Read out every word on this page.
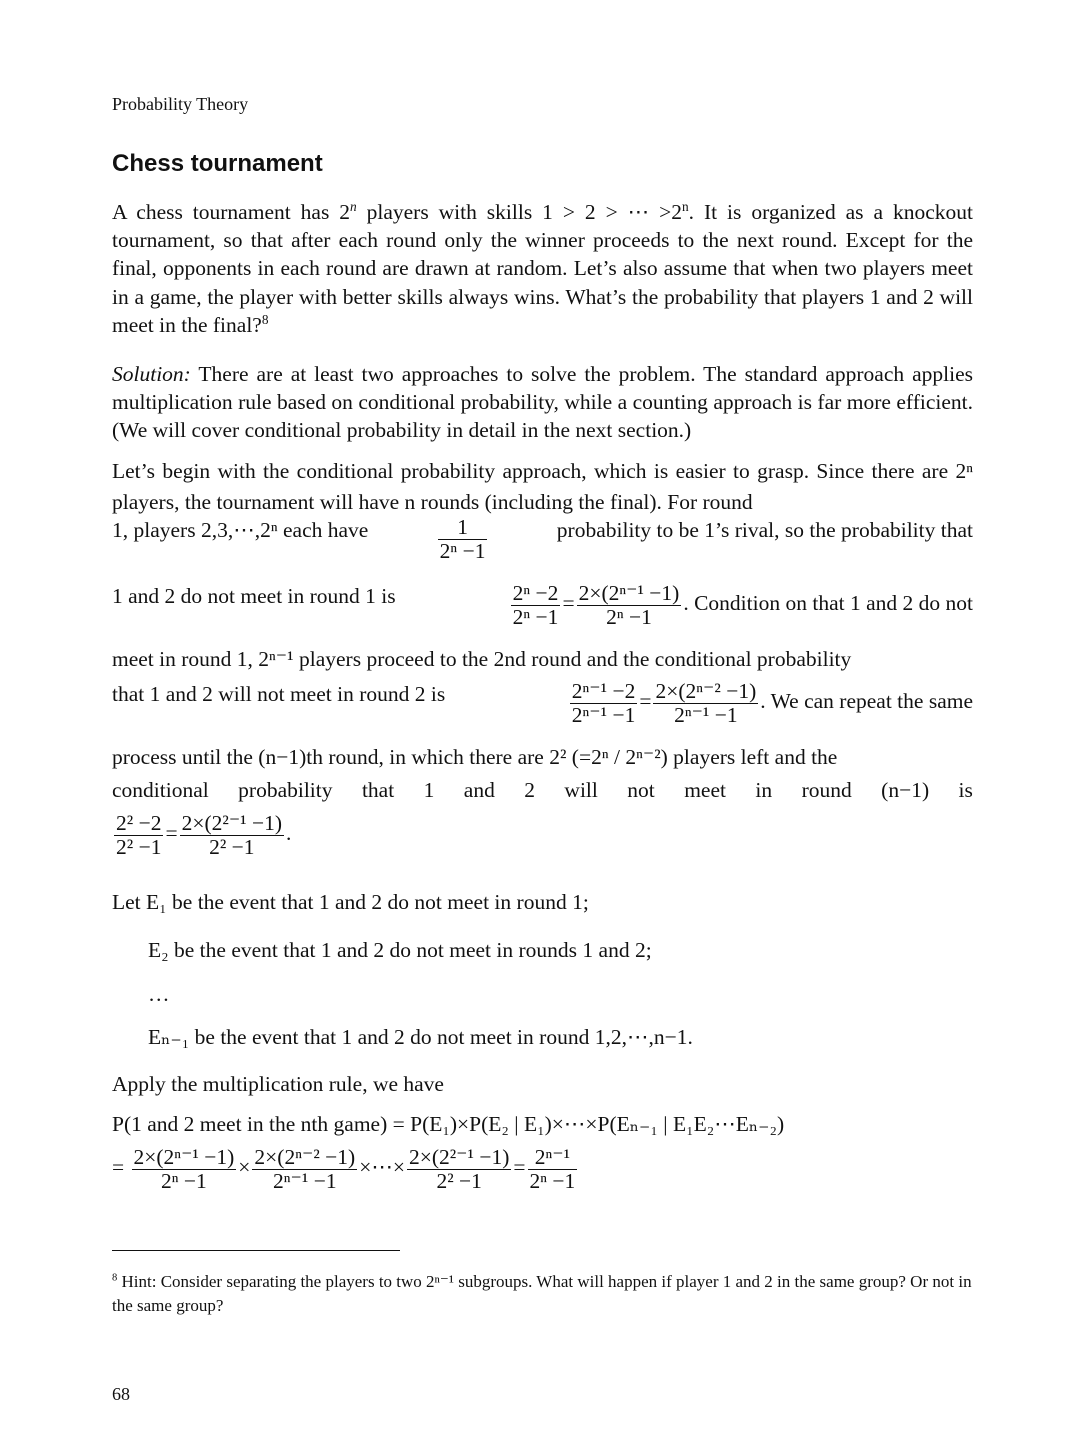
Probability Theory
Chess tournament
A chess tournament has 2$^n$ players with skills 1 > 2 > ⋯ $>2^n$. It is organized as a knockout tournament, so that after each round only the winner proceeds to the next round. Except for the final, opponents in each round are drawn at random. Let’s also assume that when two players meet in a game, the player with better skills always wins. What’s the probability that players 1 and 2 will meet in the final?$^8$
Solution: There are at least two approaches to solve the problem. The standard approach applies multiplication rule based on conditional probability, while a counting approach is far more efficient. (We will cover conditional probability in detail in the next section.)
Let’s begin with the conditional probability approach, which is easier to grasp. Since there are 2ⁿ players, the tournament will have n rounds (including the final). For round
1, players 2,3,⋯,2ⁿ each have	$\frac{1}{\text{2ⁿ −1}}$	probability to be 1’s rival, so the probability that
1 and 2 do not meet in round 1 is	$\frac{\text{2ⁿ −2}}{\text{2ⁿ −1}} = \frac{\text{2×(2ⁿ⁻¹ −1)}}{\text{2ⁿ −1}}$ . Condition on that 1 and 2 do not
meet in round 1, 2ⁿ⁻¹ players proceed to the 2nd round and the conditional probability
that 1 and 2 will not meet in round 2 is	$\frac{\text{2ⁿ⁻¹ −2}}{\text{2ⁿ⁻¹ −1}} = \frac{\text{2×(2ⁿ⁻² −1)}}{\text{2ⁿ⁻¹ −1}}$ . We can repeat the same
process until the (n−1)th round, in which there are 2² (=2ⁿ / 2ⁿ⁻²) players left and the
conditional probability that 1 and 2 will not meet in round (n−1) is
$\frac{\text{2² −2}}{\text{2² −1}} = \frac{\text{2×(2²⁻¹ −1)}}{\text{2² −1}}$ .
Let E₁ be the event that 1 and 2 do not meet in round 1;
E₂ be the event that 1 and 2 do not meet in rounds 1 and 2;
…
Eₙ₋₁ be the event that 1 and 2 do not meet in round 1,2,⋯,n−1.
Apply the multiplication rule, we have
P(1 and 2 meet in the nth game) = P(E₁)×P(E₂ | E₁)×⋯×P(Eₙ₋₁ | E₁E₂⋯Eₙ₋₂)
= $\frac{\text{2×(2ⁿ⁻¹ −1)}}{\text{2ⁿ −1}} \times \frac{\text{2×(2ⁿ⁻² −1)}}{\text{2ⁿ⁻¹ −1}}$ ×⋯× $\frac{\text{2×(2²⁻¹ −1)}}{\text{2² −1}} = \frac{\text{2ⁿ⁻¹}}{\text{2ⁿ −1}}$
$^8$ Hint: Consider separating the players to two 2ⁿ⁻¹ subgroups. What will happen if player 1 and 2 in the same group? Or not in the same group?
68
